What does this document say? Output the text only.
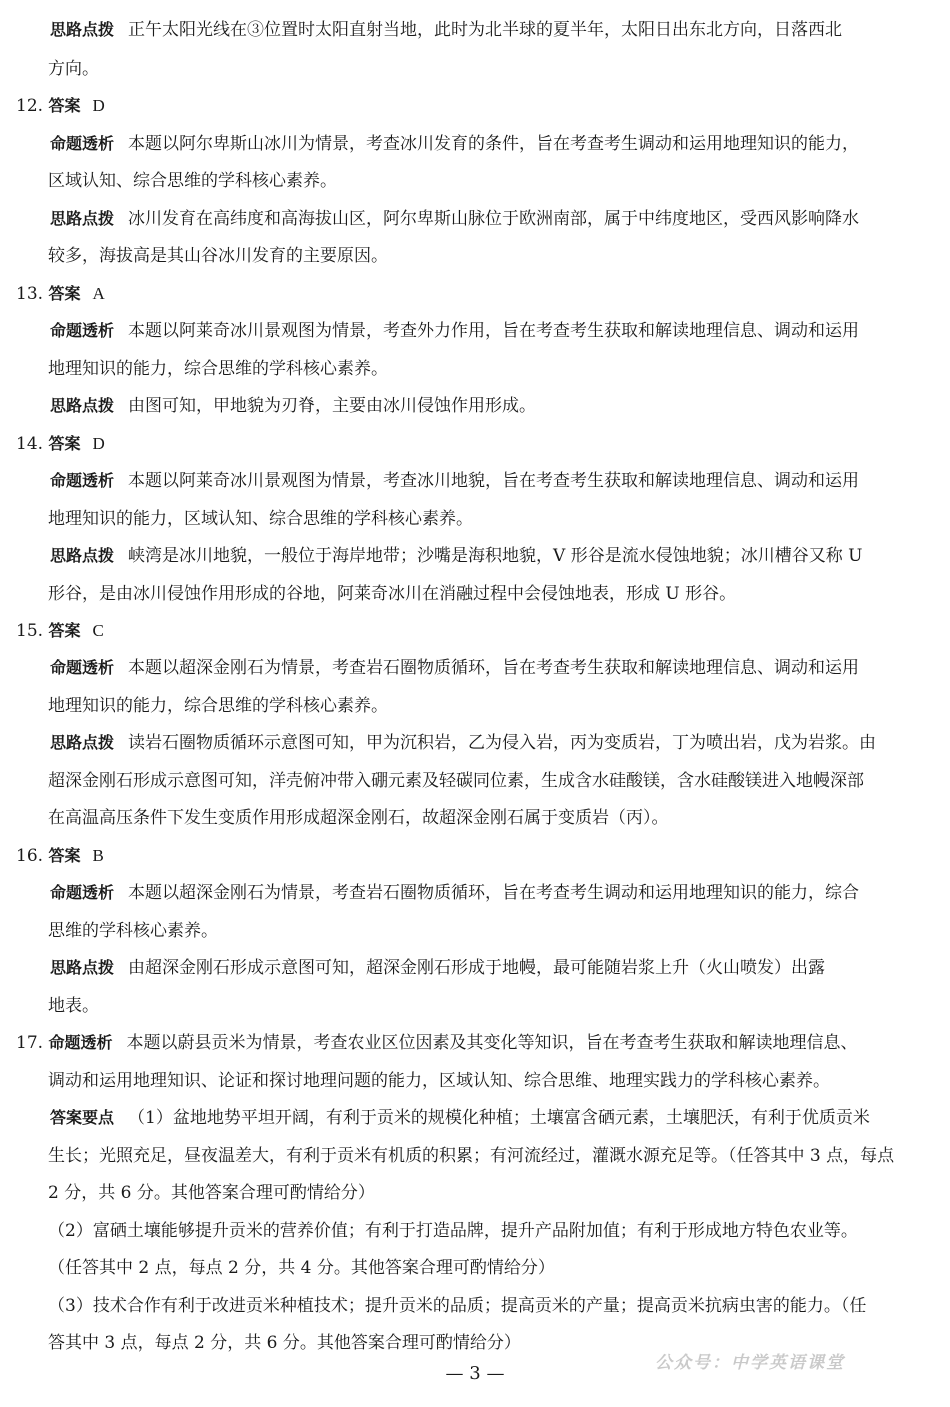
思路点拨 正午太阳光线在③位置时太阳直射当地，此时为北半球的夏半年，太阳日出东北方向，日落西北
方向。
12. 答案 D
命题透析 本题以阿尔卑斯山冰川为情景，考查冰川发育的条件，旨在考查考生调动和运用地理知识的能力，
区域认知、综合思维的学科核心素养。
思路点拨 冰川发育在高纬度和高海拔山区，阿尔卑斯山脉位于欧洲南部，属于中纬度地区，受西风影响降水
较多，海拔高是其山谷冰川发育的主要原因。
13. 答案 A
命题透析 本题以阿莱奇冰川景观图为情景，考查外力作用，旨在考查考生获取和解读地理信息、调动和运用
地理知识的能力，综合思维的学科核心素养。
思路点拨 由图可知，甲地貌为刃脊，主要由冰川侵蚀作用形成。
14. 答案 D
命题透析 本题以阿莱奇冰川景观图为情景，考查冰川地貌，旨在考查考生获取和解读地理信息、调动和运用
地理知识的能力，区域认知、综合思维的学科核心素养。
思路点拨 峡湾是冰川地貌，一般位于海岸地带；沙嘴是海积地貌，V 形谷是流水侵蚀地貌；冰川槽谷又称 U
形谷，是由冰川侵蚀作用形成的谷地，阿莱奇冰川在消融过程中会侵蚀地表，形成 U 形谷。
15. 答案 C
命题透析 本题以超深金刚石为情景，考查岩石圈物质循环，旨在考查考生获取和解读地理信息、调动和运用
地理知识的能力，综合思维的学科核心素养。
思路点拨 读岩石圈物质循环示意图可知，甲为沉积岩，乙为侵入岩，丙为变质岩，丁为喷出岩，戊为岩浆。由
超深金刚石形成示意图可知，洋壳俯冲带入硼元素及轻碳同位素，生成含水硅酸镁，含水硅酸镁进入地幔深部
在高温高压条件下发生变质作用形成超深金刚石，故超深金刚石属于变质岩（丙）。
16. 答案 B
命题透析 本题以超深金刚石为情景，考查岩石圈物质循环，旨在考查考生调动和运用地理知识的能力，综合
思维的学科核心素养。
思路点拨 由超深金刚石形成示意图可知，超深金刚石形成于地幔，最可能随岩浆上升（火山喷发）出露
地表。
17. 命题透析 本题以蔚县贡米为情景，考查农业区位因素及其变化等知识，旨在考查考生获取和解读地理信息、
调动和运用地理知识、论证和探讨地理问题的能力，区域认知、综合思维、地理实践力的学科核心素养。
答案要点 （1）盆地地势平坦开阔，有利于贡米的规模化种植；土壤富含硒元素，土壤肥沃，有利于优质贡米
生长；光照充足，昼夜温差大，有利于贡米有机质的积累；有河流经过，灌溉水源充足等。（任答其中 3 点，每点
2 分，共 6 分。其他答案合理可酌情给分）
（2）富硒土壤能够提升贡米的营养价值；有利于打造品牌，提升产品附加值；有利于形成地方特色农业等。
（任答其中 2 点，每点 2 分，共 4 分。其他答案合理可酌情给分）
（3）技术合作有利于改进贡米种植技术；提升贡米的品质；提高贡米的产量；提高贡米抗病虫害的能力。（任
答其中 3 点，每点 2 分，共 6 分。其他答案合理可酌情给分）
— 3 —	公众号：中学英语课堂
